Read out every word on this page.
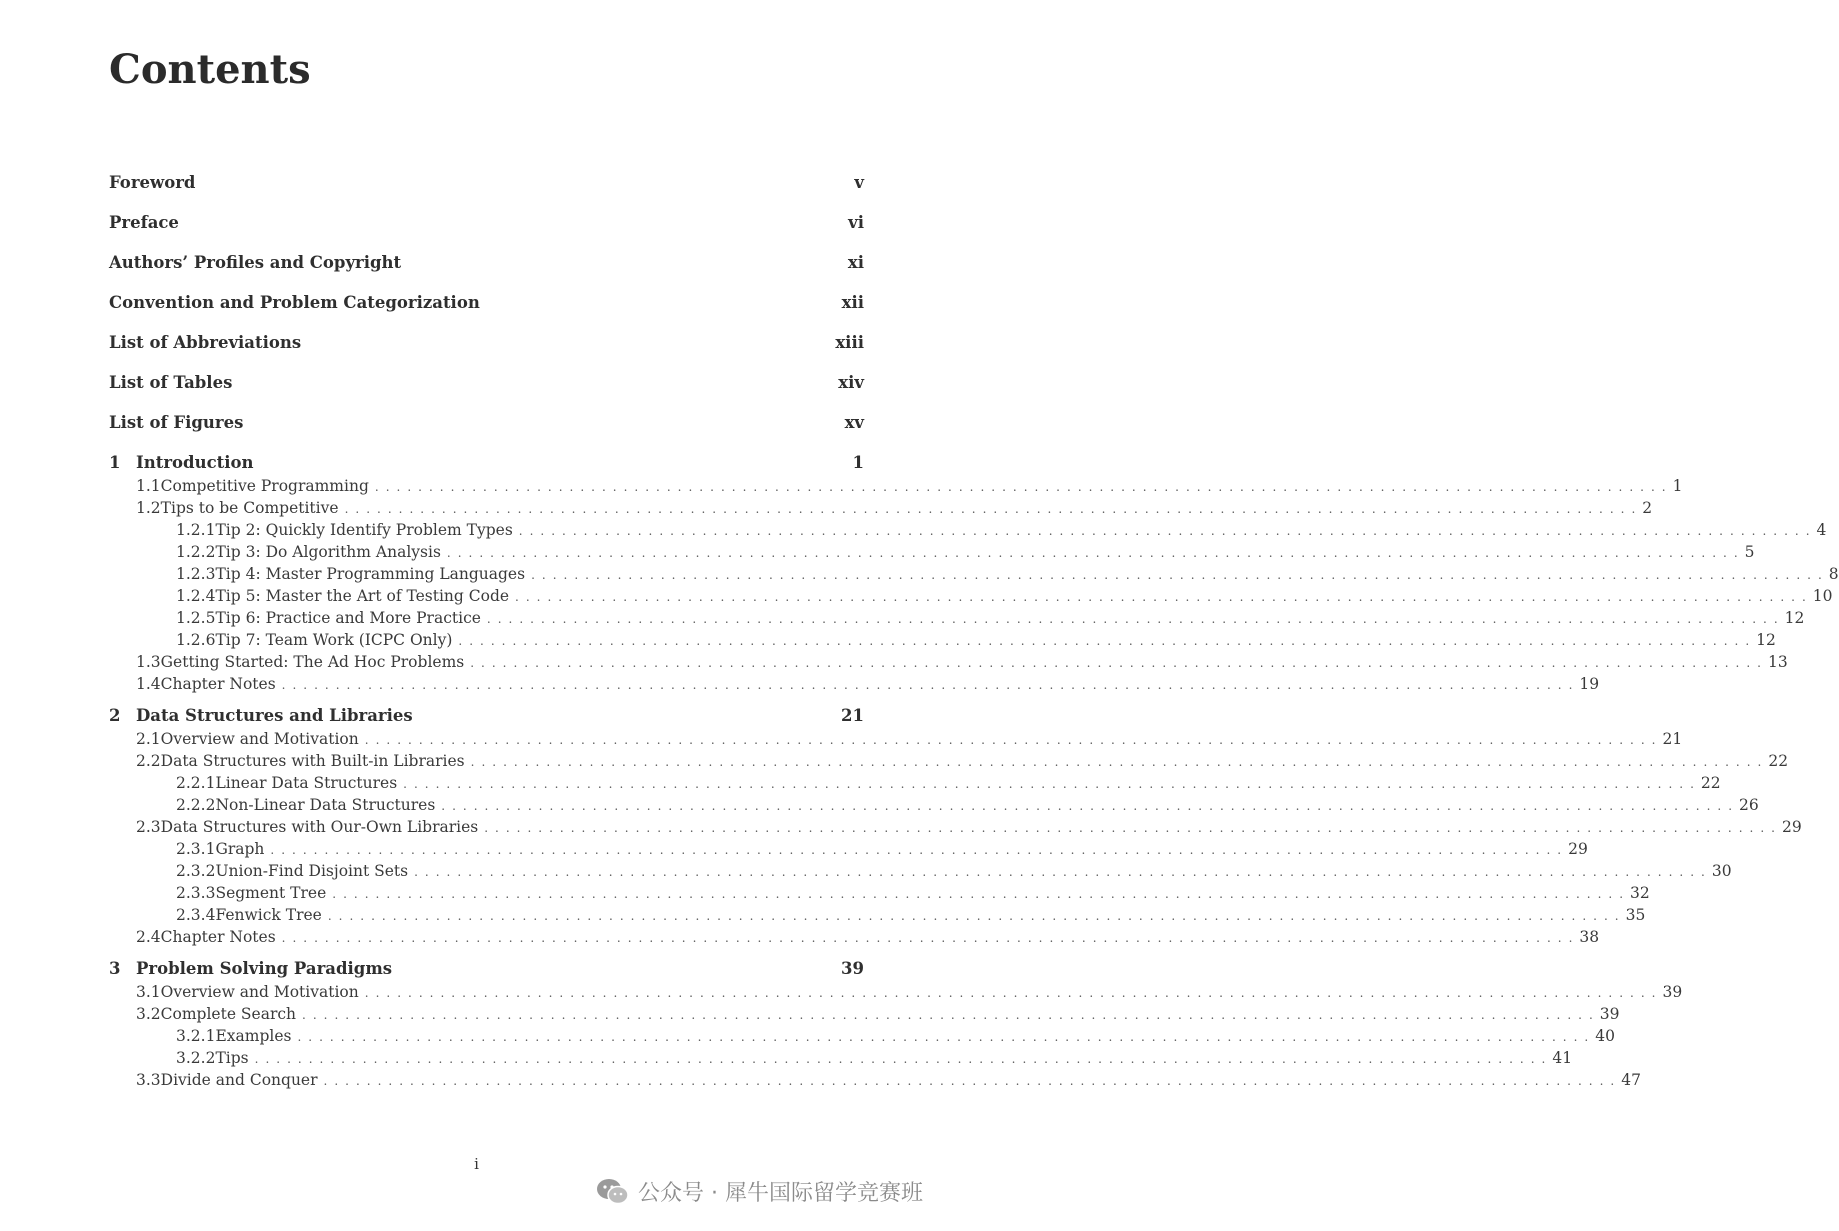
Contents
Foreword	v
Preface	vi
Authors’ Profiles and Copyright	xi
Convention and Problem Categorization	xii
List of Abbreviations	xiii
List of Tables	xiv
List of Figures	xv
1 Introduction	1
1.1 Competitive Programming ........................................................................................................................ 1
1.2 Tips to be Competitive ........................................................................................................................ 2
1.2.1 Tip 2: Quickly Identify Problem Types ........................................................................................................................ 4
1.2.2 Tip 3: Do Algorithm Analysis ........................................................................................................................ 5
1.2.3 Tip 4: Master Programming Languages ........................................................................................................................ 8
1.2.4 Tip 5: Master the Art of Testing Code ........................................................................................................................ 10
1.2.5 Tip 6: Practice and More Practice ........................................................................................................................ 12
1.2.6 Tip 7: Team Work (ICPC Only) ........................................................................................................................ 12
1.3 Getting Started: The Ad Hoc Problems ........................................................................................................................ 13
1.4 Chapter Notes ........................................................................................................................ 19
2 Data Structures and Libraries	21
2.1 Overview and Motivation ........................................................................................................................ 21
2.2 Data Structures with Built-in Libraries ........................................................................................................................ 22
2.2.1 Linear Data Structures ........................................................................................................................ 22
2.2.2 Non-Linear Data Structures ........................................................................................................................ 26
2.3 Data Structures with Our-Own Libraries ........................................................................................................................ 29
2.3.1 Graph ........................................................................................................................ 29
2.3.2 Union-Find Disjoint Sets ........................................................................................................................ 30
2.3.3 Segment Tree ........................................................................................................................ 32
2.3.4 Fenwick Tree ........................................................................................................................ 35
2.4 Chapter Notes ........................................................................................................................ 38
3 Problem Solving Paradigms	39
3.1 Overview and Motivation ........................................................................................................................ 39
3.2 Complete Search ........................................................................................................................ 39
3.2.1 Examples ........................................................................................................................ 40
3.2.2 Tips ........................................................................................................................ 41
3.3 Divide and Conquer ........................................................................................................................ 47
i
公众号 · 犀牛国际留学竞赛班
